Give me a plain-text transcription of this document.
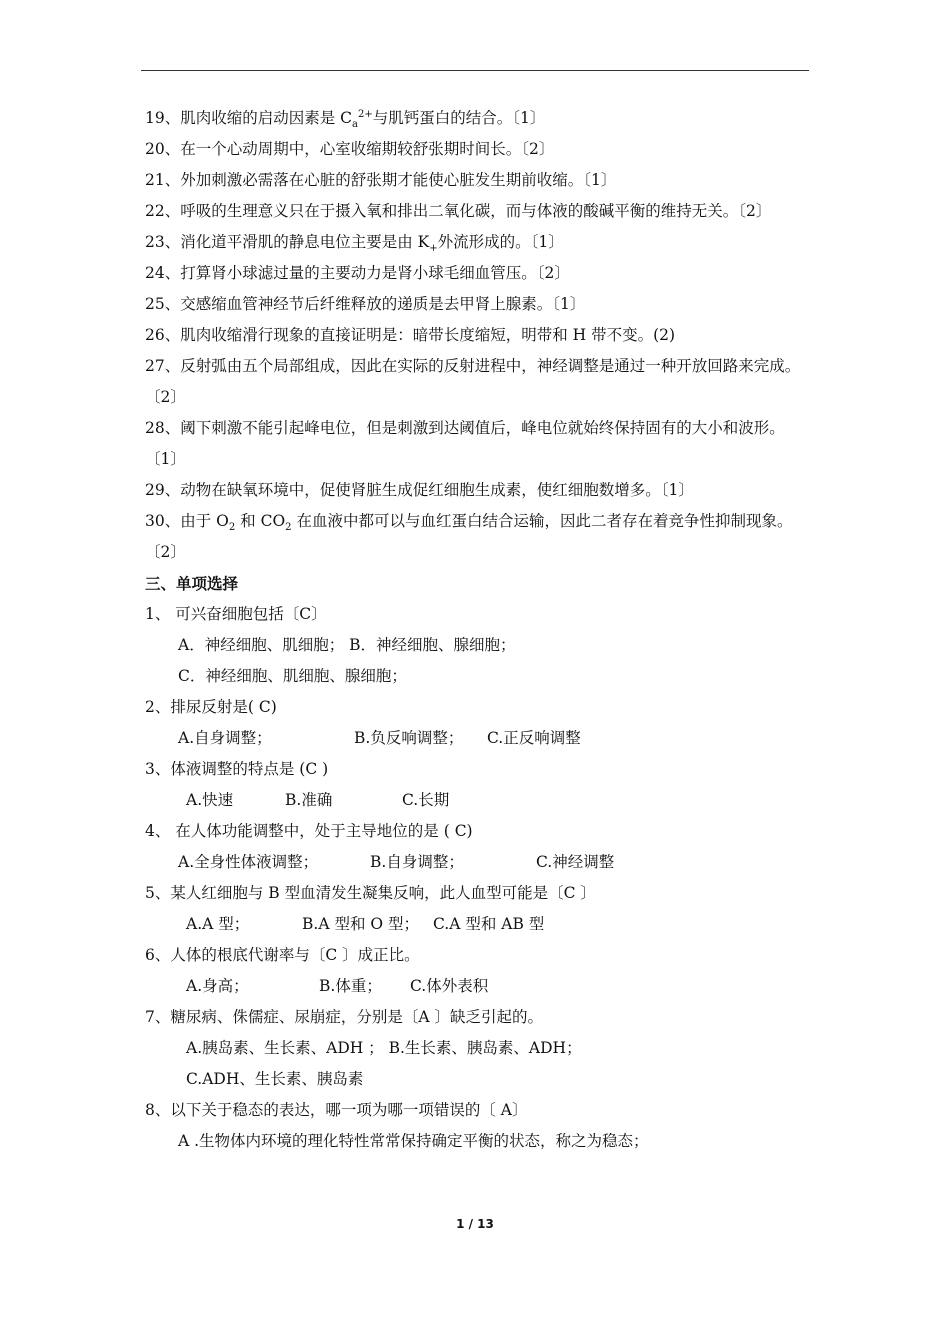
19、肌肉收缩的启动因素是 $C_a^{2+}$与肌钙蛋白的结合。〔1〕
20、在一个心动周期中，心室收缩期较舒张期时间长。〔2〕
21、外加刺激必需落在心脏的舒张期才能使心脏发生期前收缩。〔1〕
22、呼吸的生理意义只在于摄入氧和排出二氧化碳，而与体液的酸碱平衡的维持无关。〔2〕
23、消化道平滑肌的静息电位主要是由 $K_+$外流形成的。〔1〕
24、打算肾小球滤过量的主要动力是肾小球毛细血管压。〔2〕
25、交感缩血管神经节后纤维释放的递质是去甲肾上腺素。〔1〕
26、肌肉收缩滑行现象的直接证明是：暗带长度缩短，明带和 H 带不变。(2)
27、反射弧由五个局部组成，因此在实际的反射进程中，神经调整是通过一种开放回路来完成。
〔2〕
28、阈下刺激不能引起峰电位，但是刺激到达阈值后，峰电位就始终保持固有的大小和波形。
〔1〕
29、动物在缺氧环境中，促使肾脏生成促红细胞生成素，使红细胞数增多。〔1〕
30、由于 $O_2$ 和 $CO_2$ 在血液中都可以与血红蛋白结合运输，因此二者存在着竞争性抑制现象。
〔2〕
三、单项选择
1、 可兴奋细胞包括〔C〕
A．神经细胞、肌细胞； B．神经细胞、腺细胞；
C．神经细胞、肌细胞、腺细胞；
2、排尿反射是( C)
A.自身调整；	B.负反响调整； C.正反响调整
3、体液调整的特点是 (C )
A.快速	B.准确	C.长期
4、 在人体功能调整中，处于主导地位的是 ( C)
A.全身性体液调整；	B.自身调整；	C.神经调整
5、某人红细胞与 B 型血清发生凝集反响，此人血型可能是〔C 〕
A.A 型；	B.A 型和 O 型； C.A 型和 AB 型
6、人体的根底代谢率与〔C 〕成正比。
A.身高；	B.体重； C.体外表积
7、糖尿病、侏儒症、尿崩症，分别是〔A 〕缺乏引起的。
A.胰岛素、生长素、ADH ； B.生长素、胰岛素、ADH；
C.ADH、生长素、胰岛素
8、以下关于稳态的表达，哪一项为哪一项错误的〔 A〕
A .生物体内环境的理化特性常常保持确定平衡的状态，称之为稳态；
1 / 13
